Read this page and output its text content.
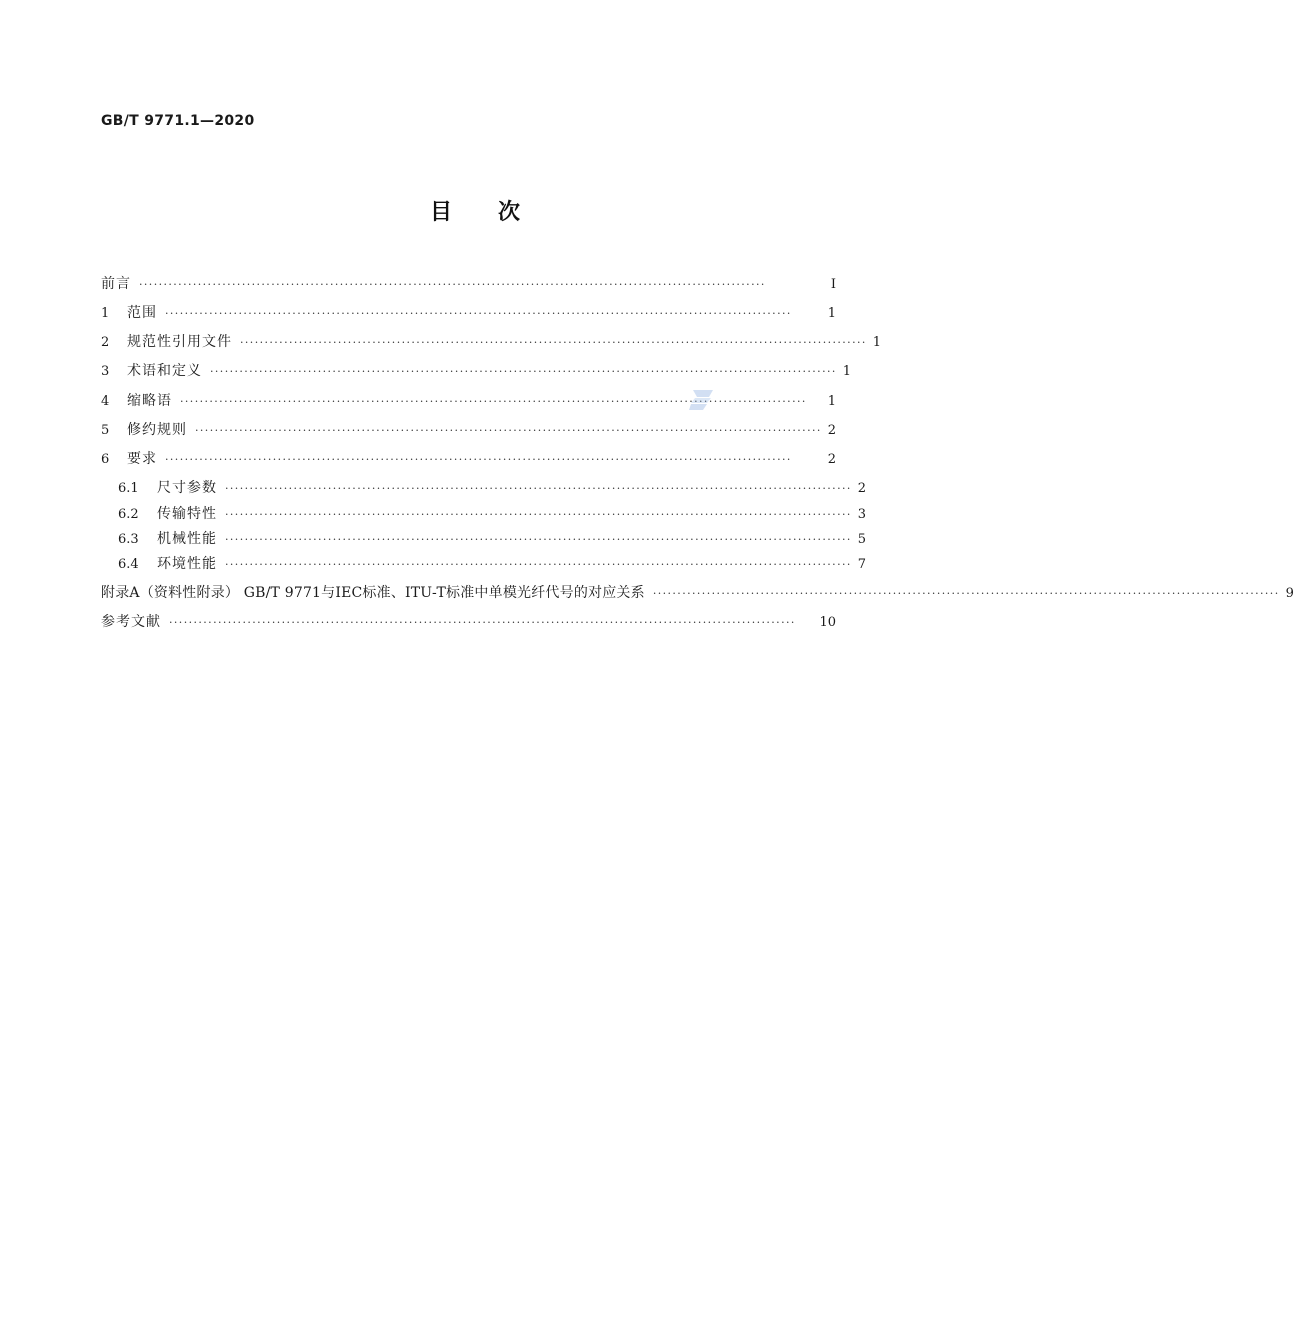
GB/T 9771.1—2020
目次
前言 ································································································································	Ⅰ
1	范围 ································································································································	1
2	规范性引用文件 ································································································································ 1
3	术语和定义 ································································································································ 1
4	缩略语 ································································································································	1
5	修约规则 ································································································································ 2
6	要求 ································································································································	2
6.1	尺寸参数 ································································································································ 2
6.2	传输特性 ································································································································ 3
6.3	机械性能 ································································································································ 5
6.4	环境性能 ································································································································ 7
附录A（资料性附录） GB/T 9771与IEC标准、ITU-T标准中单模光纤代号的对应关系 ································································································································ 9
参考文献 ································································································································	10
